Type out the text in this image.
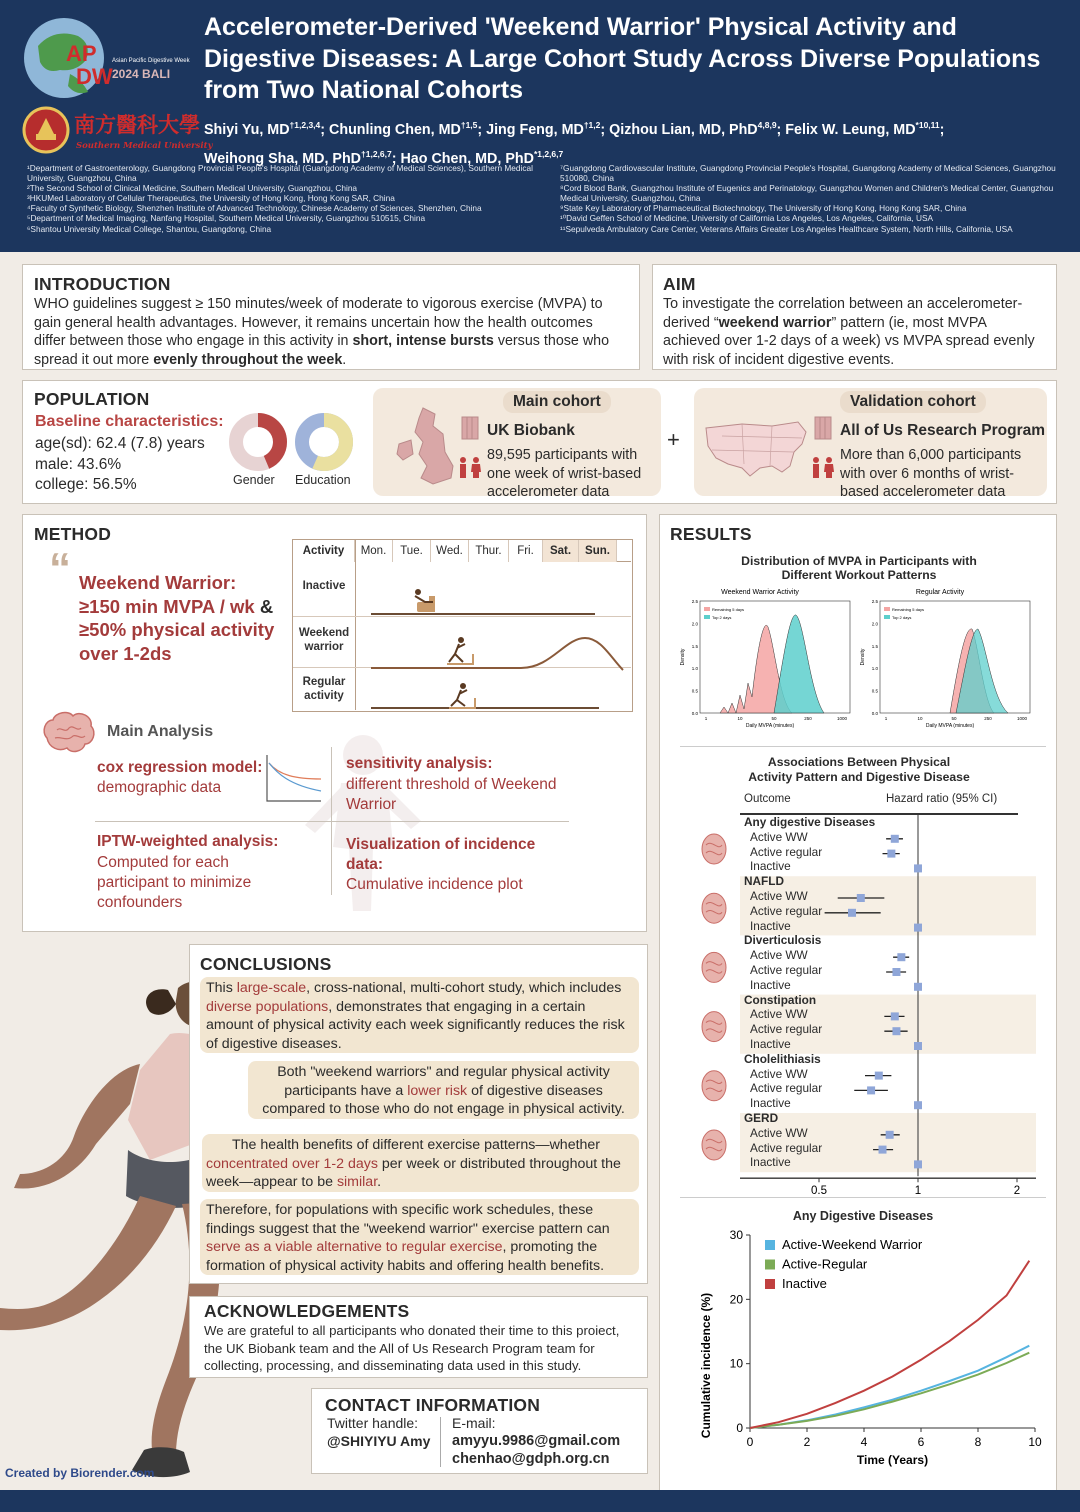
AP
DW
Asian Pacific Digestive Week
2024 BALI
南方醫科大學
Southern Medical University
Accelerometer-Derived 'Weekend Warrior' Physical Activity and Digestive Diseases: A Large Cohort Study Across Diverse Populations from Two National Cohorts
Shiyi Yu, MD$^{\dagger 1,2,3,4}$; Chunling Chen, MD$^{\dagger 1,5}$; Jing Feng, MD$^{\dagger 1,2}$; Qizhou Lian, MD, PhD$^{4,8,9}$; Felix W. Leung, MD$^{*10,11}$;
Weihong Sha, MD, PhD$^{\dagger 1,2,6,7}$; Hao Chen, MD, PhD$^{*1,2,6,7}$
¹Department of Gastroenterology, Guangdong Provincial People's Hospital (Guangdong Academy of Medical Sciences), Southern Medical University, Guangzhou, China
²The Second School of Clinical Medicine, Southern Medical University, Guangzhou, China
³HKUMed Laboratory of Cellular Therapeutics, the University of Hong Kong, Hong Kong SAR, China
⁴Faculty of Synthetic Biology, Shenzhen Institute of Advanced Technology, Chinese Academy of Sciences, Shenzhen, China
⁵Department of Medical Imaging, Nanfang Hospital, Southern Medical University, Guangzhou 510515, China
⁶Shantou University Medical College, Shantou, Guangdong, China
⁷Guangdong Cardiovascular Institute, Guangdong Provincial People's Hospital, Guangdong Academy of Medical Sciences, Guangzhou 510080, China
⁸Cord Blood Bank, Guangzhou Institute of Eugenics and Perinatology, Guangzhou Women and Children's Medical Center, Guangzhou Medical University, Guangzhou, China
⁹State Key Laboratory of Pharmaceutical Biotechnology, The University of Hong Kong, Hong Kong SAR, China
¹⁰David Geffen School of Medicine, University of California Los Angeles, Los Angeles, California, USA
¹¹Sepulveda Ambulatory Care Center, Veterans Affairs Greater Los Angeles Healthcare System, North Hills, California, USA
INTRODUCTION
WHO guidelines suggest ≥ 150 minutes/week of moderate to vigorous exercise (MVPA) to gain general health advantages. However, it remains uncertain how the health outcomes differ between those who engage in this activity in short, intense bursts versus those who spread it out more evenly throughout the week.
AIM
To investigate the correlation between an accelerometer-derived “weekend warrior” pattern (ie, most MVPA achieved over 1-2 days of a week) vs MVPA spread evenly with risk of incident digestive events.
POPULATION
Baseline characteristics:
age(sd): 62.4 (7.8) years
male: 43.6%
college: 56.5%	Gender Education
Main cohort
UK Biobank
89,595 participants with one week of wrist-based accelerometer data
+
Validation cohort
All of Us Research Program
More than 6,000 participants with over 6 months of wrist-based accelerometer data
METHOD
“ Weekend Warrior:
≥150 min MVPA / wk &
≥50% physical activity
over 1-2ds
Activity	Mon.	Tue.	Wed.	Thur.	Fri.	Sat.	Sun.
Inactive
Weekend warrior
Regular activity
Main Analysis
cox regression model:
demographic data
sensitivity analysis:
different threshold of Weekend Warrior
IPTW-weighted analysis:
Computed for each participant to minimize confounders
Visualization of incidence data:
Cumulative incidence plot
RESULTS
Distribution of MVPA in Participants with
Different Workout Patterns
Weekend Warrior Activity
2.5
2.0
1.5
1.0
0.5
0.0
1	10	50	250	1000
Daily MVPA (minutes)
Density
Remaining 5 days
Top 2 days
Regular Activity
2.5
2.0
1.5
1.0
0.5
0.0
1	10	50	250	1000
Daily MVPA (minutes)
Density
Remaining 5 days
Top 2 days
Associations Between Physical
Activity Pattern and Digestive Disease
Outcome	Hazard ratio (95% CI)
0.5	1	2
Any digestive Diseases
Active WW
Active regular
Inactive
NAFLD
Active WW
Active regular
Inactive
Diverticulosis
Active WW
Active regular
Inactive
Constipation
Active WW
Active regular
Inactive
Cholelithiasis
Active WW
Active regular
Inactive
GERD
Active WW
Active regular
Inactive
Any Digestive Diseases
0
10
20
30
0	2	4	6	8	10
Time (Years)
Cumulative incidence (%)
Active-Weekend Warrior
Active-Regular
Inactive
CONCLUSIONS
This large-scale, cross-national, multi-cohort study, which includes diverse populations, demonstrates that engaging in a certain amount of physical activity each week significantly reduces the risk of digestive diseases.
Both "weekend warriors" and regular physical activity participants have a lower risk of digestive diseases compared to those who do not engage in physical activity.
The health benefits of different exercise patterns—whether concentrated over 1-2 days per week or distributed throughout the week—appear to be similar.
Therefore, for populations with specific work schedules, these findings suggest that the "weekend warrior" exercise pattern can serve as a viable alternative to regular exercise, promoting the formation of physical activity habits and offering health benefits.
ACKNOWLEDGEMENTS
We are grateful to all participants who donated their time to this proiect, the UK Biobank team and the All of Us Research Program team for collecting, processing, and disseminating data used in this study.
CONTACT INFORMATION
Twitter handle:
@SHIYIYU Amy
E-mail:
amyyu.9986@gmail.com
chenhao@gdph.org.cn
Created by Biorender.com
